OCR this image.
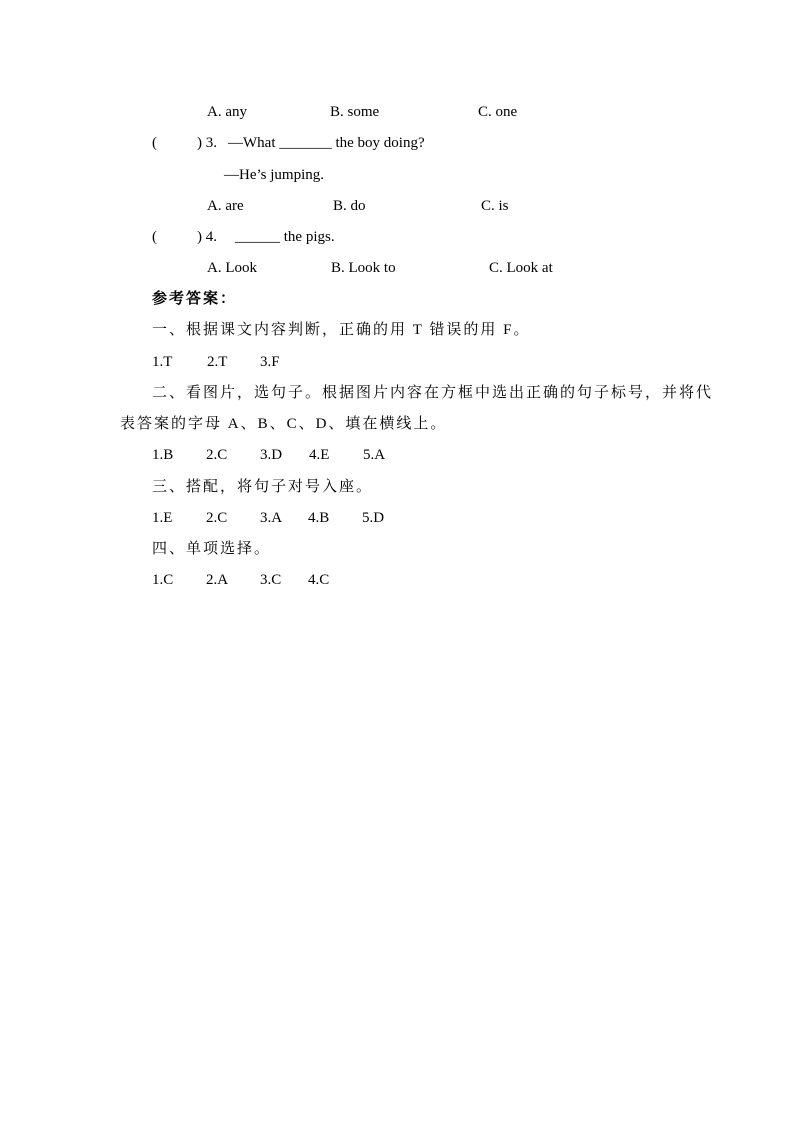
A. any	B. some	C. one
(	) 3. —What _______ the boy doing?
—He’s jumping.
A. are	B. do	C. is
(	) 4. ______ the pigs.
A. Look	B. Look to	C. Look at
参考答案：
一、根据课文内容判断，正确的用 T 错误的用 F。
1.T 2.T 3.F
二、看图片，选句子。根据图片内容在方框中选出正确的句子标号，并将代
表答案的字母 A、B、C、D、填在横线上。
1.B 2.C 3.D 4.E 5.A
三、搭配，将句子对号入座。
1.E 2.C 3.A 4.B 5.D
四、单项选择。
1.C 2.A 3.C 4.C
